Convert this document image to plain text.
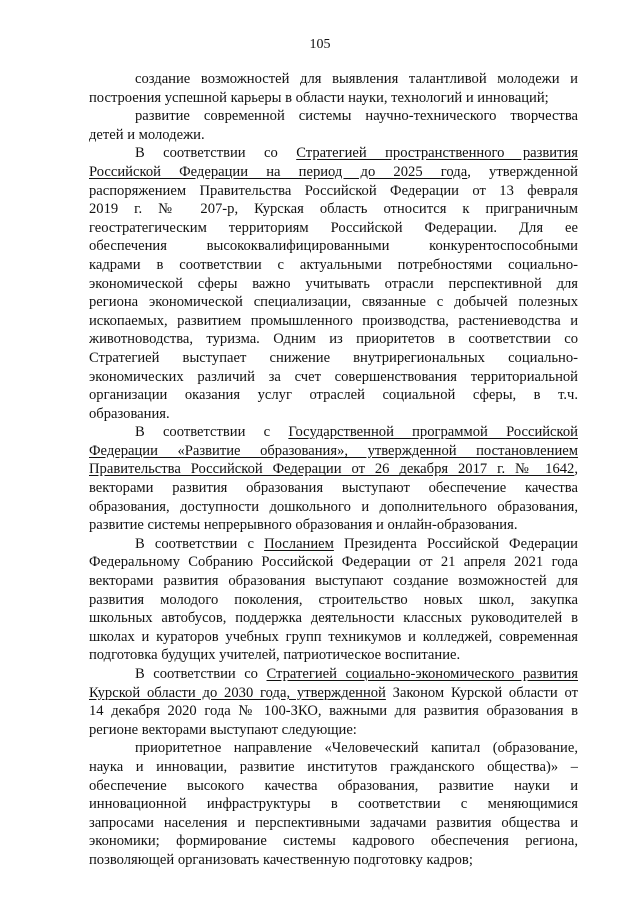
105
создание возможностей для выявления талантливой молодежи и
построения успешной карьеры в области науки, технологий и инноваций;
развитие современной системы научно-технического творчества
детей и молодежи.
В соответствии со Стратегией пространственного развития
Российской Федерации на период до 2025 года, утвержденной
распоряжением Правительства Российской Федерации от 13 февраля
2019 г. № 207-р, Курская область относится к приграничным
геостратегическим территориям Российской Федерации. Для ее
обеспечения высококвалифицированными конкурентоспособными
кадрами в соответствии с актуальными потребностями социально-
экономической сферы важно учитывать отрасли перспективной для
региона экономической специализации, связанные с добычей полезных
ископаемых, развитием промышленного производства, растениеводства и
животноводства, туризма. Одним из приоритетов в соответствии со
Стратегией выступает снижение внутрирегиональных социально-
экономических различий за счет совершенствования территориальной
организации оказания услуг отраслей социальной сферы, в т.ч.
образования.
В соответствии с Государственной программой Российской
Федерации «Развитие образования», утвержденной постановлением
Правительства Российской Федерации от 26 декабря 2017 г. № 1642,
векторами развития образования выступают обеспечение качества
образования, доступности дошкольного и дополнительного образования,
развитие системы непрерывного образования и онлайн-образования.
В соответствии с Посланием Президента Российской Федерации
Федеральному Собранию Российской Федерации от 21 апреля 2021 года
векторами развития образования выступают создание возможностей для
развития молодого поколения, строительство новых школ, закупка
школьных автобусов, поддержка деятельности классных руководителей в
школах и кураторов учебных групп техникумов и колледжей, современная
подготовка будущих учителей, патриотическое воспитание.
В соответствии со Стратегией социально-экономического развития
Курской области до 2030 года, утвержденной Законом Курской области от
14 декабря 2020 года № 100-ЗКО, важными для развития образования в
регионе векторами выступают следующие:
приоритетное направление «Человеческий капитал (образование,
наука и инновации, развитие институтов гражданского общества)» –
обеспечение высокого качества образования, развитие науки и
инновационной инфраструктуры в соответствии с меняющимися
запросами населения и перспективными задачами развития общества и
экономики; формирование системы кадрового обеспечения региона,
позволяющей организовать качественную подготовку кадров;
